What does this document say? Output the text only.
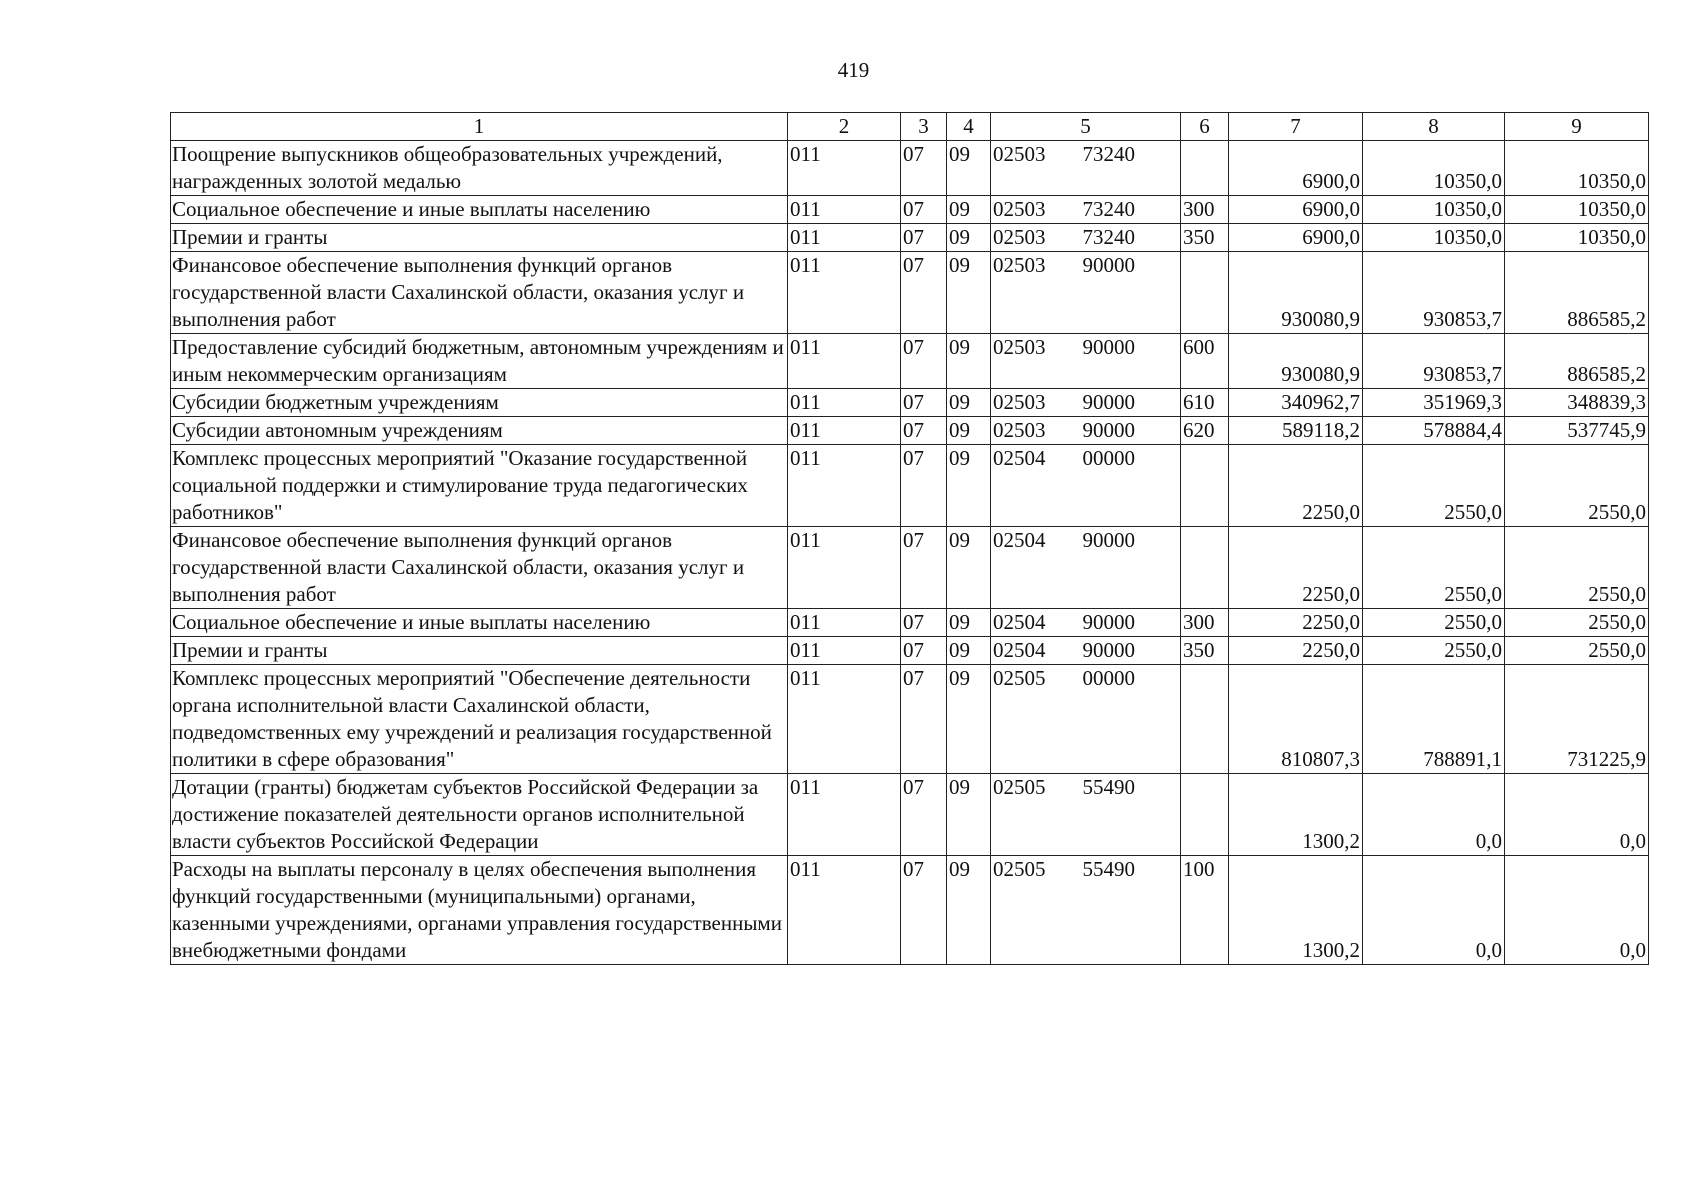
419
1	2	3	4	5		6	7	8	9
Поощрение выпускников общеобразовательных учреждений, награжденных золотой медалью	011	07	09	02503	73240		6900,0	10350,0	10350,0
Социальное обеспечение и иные выплаты населению	011	07	09	02503	73240	300	6900,0	10350,0	10350,0
Премии и гранты	011	07	09	02503	73240	350	6900,0	10350,0	10350,0
Финансовое обеспечение выполнения функций органов государственной власти Сахалинской области, оказания услуг и выполнения работ	011	07	09	02503	90000		930080,9	930853,7	886585,2
Предоставление субсидий бюджетным, автономным учреждениям и иным некоммерческим организациям	011	07	09	02503	90000	600	930080,9	930853,7	886585,2
Субсидии бюджетным учреждениям	011	07	09	02503	90000	610	340962,7	351969,3	348839,3
Субсидии автономным учреждениям	011	07	09	02503	90000	620	589118,2	578884,4	537745,9
Комплекс процессных мероприятий "Оказание государственной социальной поддержки и стимулирование труда педагогических работников"	011	07	09	02504	00000		2250,0	2550,0	2550,0
Финансовое обеспечение выполнения функций органов государственной власти Сахалинской области, оказания услуг и выполнения работ	011	07	09	02504	90000		2250,0	2550,0	2550,0
Социальное обеспечение и иные выплаты населению	011	07	09	02504	90000	300	2250,0	2550,0	2550,0
Премии и гранты	011	07	09	02504	90000	350	2250,0	2550,0	2550,0
Комплекс процессных мероприятий "Обеспечение деятельности органа исполнительной власти Сахалинской области, подведомственных ему учреждений и реализация государственной политики в сфере образования"	011	07	09	02505	00000		810807,3	788891,1	731225,9
Дотации (гранты) бюджетам субъектов Российской Федерации за достижение показателей деятельности органов исполнительной власти субъектов Российской Федерации	011	07	09	02505	55490		1300,2	0,0	0,0
Расходы на выплаты персоналу в целях обеспечения выполнения функций государственными (муниципальными) органами, казенными учреждениями, органами управления государственными внебюджетными фондами	011	07	09	02505	55490	100	1300,2	0,0	0,0
